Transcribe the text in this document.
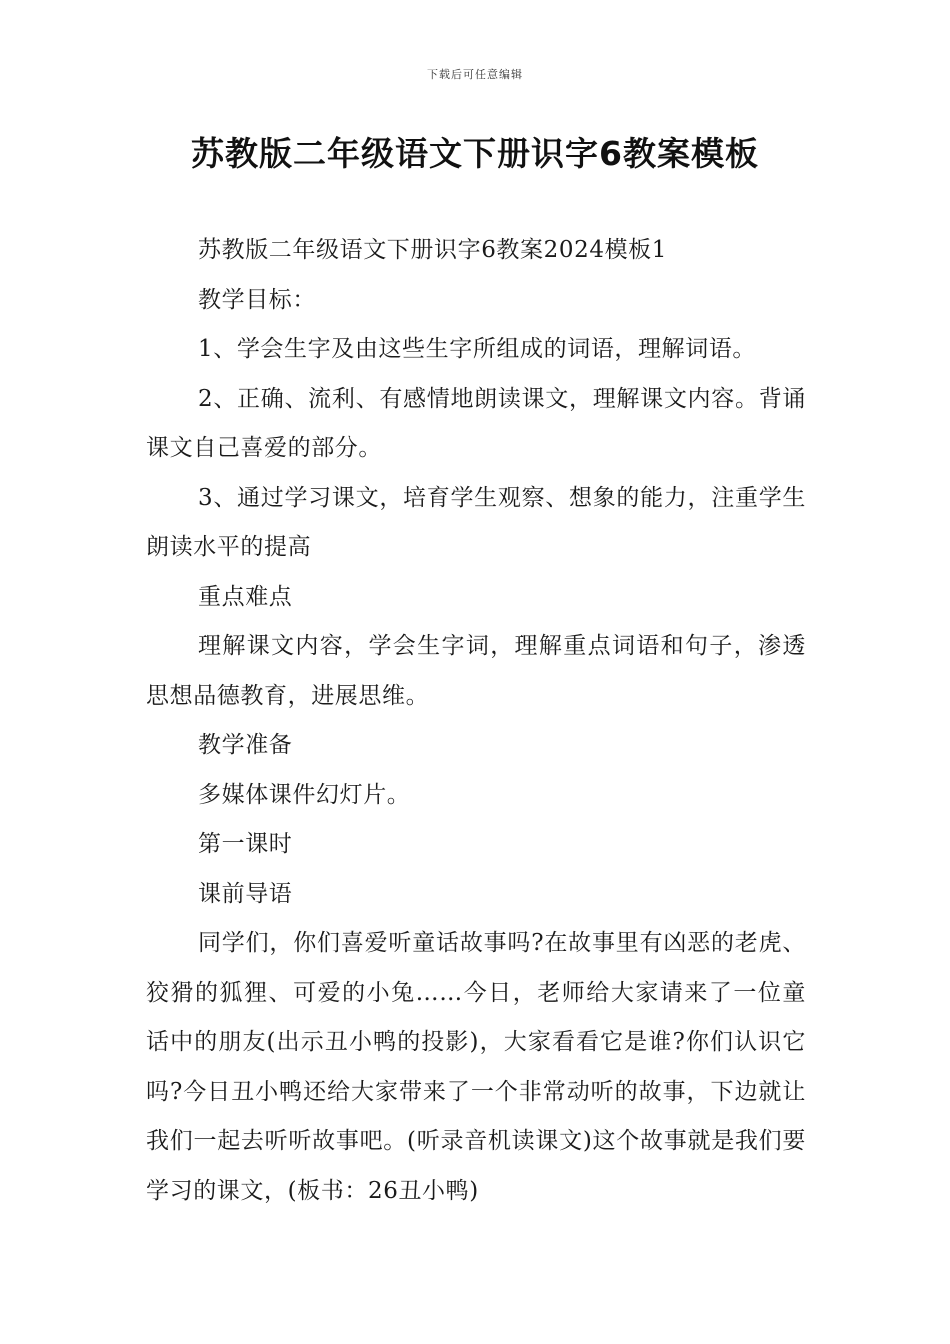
下载后可任意编辑
苏教版二年级语文下册识字6教案模板

苏教版二年级语文下册识字6教案2024模板1

教学目标：

1、学会生字及由这些生字所组成的词语，理解词语。

2、正确、流利、有感情地朗读课文，理解课文内容。背诵课文自己喜爱的部分。

3、通过学习课文，培育学生观察、想象的能力，注重学生朗读水平的提高

重点难点

理解课文内容，学会生字词，理解重点词语和句子，渗透思想品德教育，进展思维。

教学准备

多媒体课件幻灯片。

第一课时

课前导语

同学们，你们喜爱听童话故事吗?在故事里有凶恶的老虎、狡猾的狐狸、可爱的小兔……今日，老师给大家请来了一位童话中的朋友(出示丑小鸭的投影)，大家看看它是谁?你们认识它吗?今日丑小鸭还给大家带来了一个非常动听的故事，下边就让我们一起去听听故事吧。(听录音机读课文)这个故事就是我们要学习的课文，(板书：26丑小鸭)
